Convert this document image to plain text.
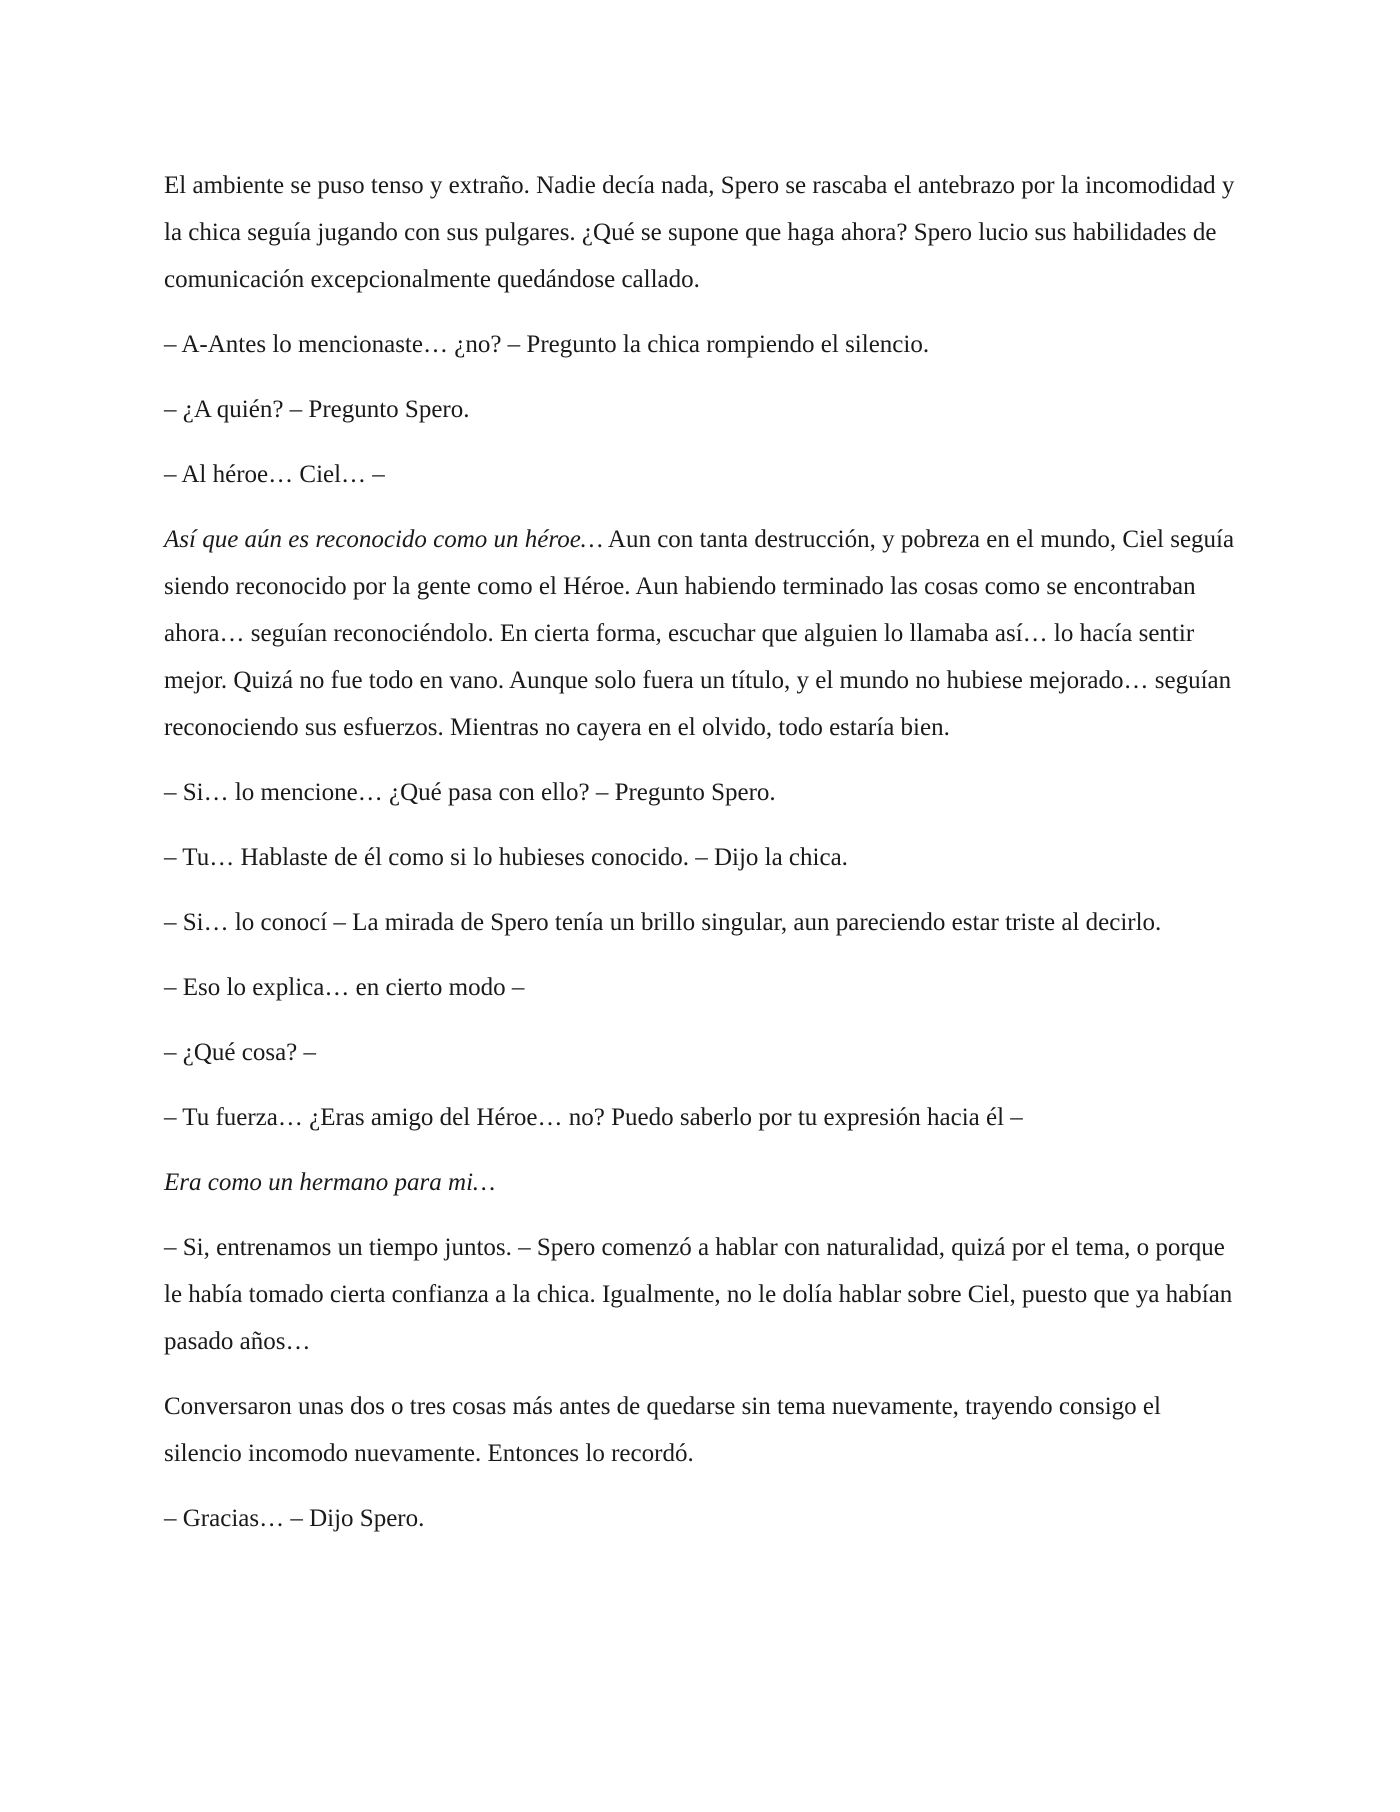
El ambiente se puso tenso y extraño. Nadie decía nada, Spero se rascaba el antebrazo por la incomodidad y la chica seguía jugando con sus pulgares. ¿Qué se supone que haga ahora? Spero lucio sus habilidades de comunicación excepcionalmente quedándose callado.

– A-Antes lo mencionaste… ¿no? – Pregunto la chica rompiendo el silencio.

– ¿A quién? – Pregunto Spero.

– Al héroe… Ciel… –

Así que aún es reconocido como un héroe… Aun con tanta destrucción, y pobreza en el mundo, Ciel seguía siendo reconocido por la gente como el Héroe. Aun habiendo terminado las cosas como se encontraban ahora… seguían reconociéndolo. En cierta forma, escuchar que alguien lo llamaba así… lo hacía sentir mejor. Quizá no fue todo en vano. Aunque solo fuera un título, y el mundo no hubiese mejorado… seguían reconociendo sus esfuerzos. Mientras no cayera en el olvido, todo estaría bien.

– Si… lo mencione… ¿Qué pasa con ello? – Pregunto Spero.

– Tu… Hablaste de él como si lo hubieses conocido. – Dijo la chica.

– Si… lo conocí – La mirada de Spero tenía un brillo singular, aun pareciendo estar triste al decirlo.

– Eso lo explica… en cierto modo –

– ¿Qué cosa? –

– Tu fuerza… ¿Eras amigo del Héroe… no? Puedo saberlo por tu expresión hacia él –

Era como un hermano para mi…

– Si, entrenamos un tiempo juntos. – Spero comenzó a hablar con naturalidad, quizá por el tema, o porque le había tomado cierta confianza a la chica. Igualmente, no le dolía hablar sobre Ciel, puesto que ya habían pasado años…

Conversaron unas dos o tres cosas más antes de quedarse sin tema nuevamente, trayendo consigo el silencio incomodo nuevamente. Entonces lo recordó.

– Gracias… – Dijo Spero.
